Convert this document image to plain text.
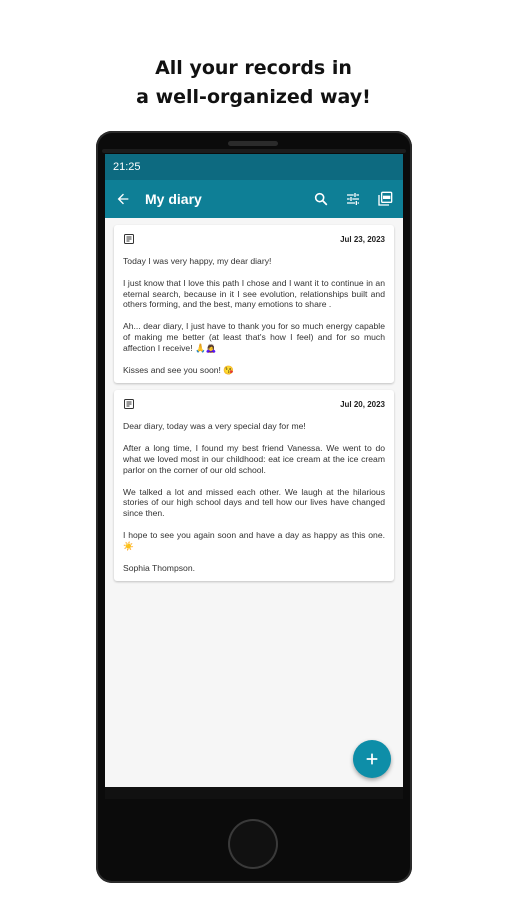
All your records in
a well-organized way!
21:25
My diary
Jul 23, 2023

Today I was very happy, my dear diary!

I just know that I love this path I chose and I want it to continue in an eternal search, because in it I see evolution, relationships built and others forming, and the best, many emotions to share .

Ah... dear diary, I just have to thank you for so much energy capable of making me better (at least that's how I feel) and for so much affection I receive! 🙏🙇‍♀️

Kisses and see you soon! 😘

Jul 20, 2023

Dear diary, today was a very special day for me!

After a long time, I found my best friend Vanessa. We went to do what we loved most in our childhood: eat ice cream at the ice cream parlor on the corner of our old school.

We talked a lot and missed each other. We laugh at the hilarious stories of our high school days and tell how our lives have changed since then.

I hope to see you again soon and have a day as happy as this one. ☀️

Sophia Thompson.
